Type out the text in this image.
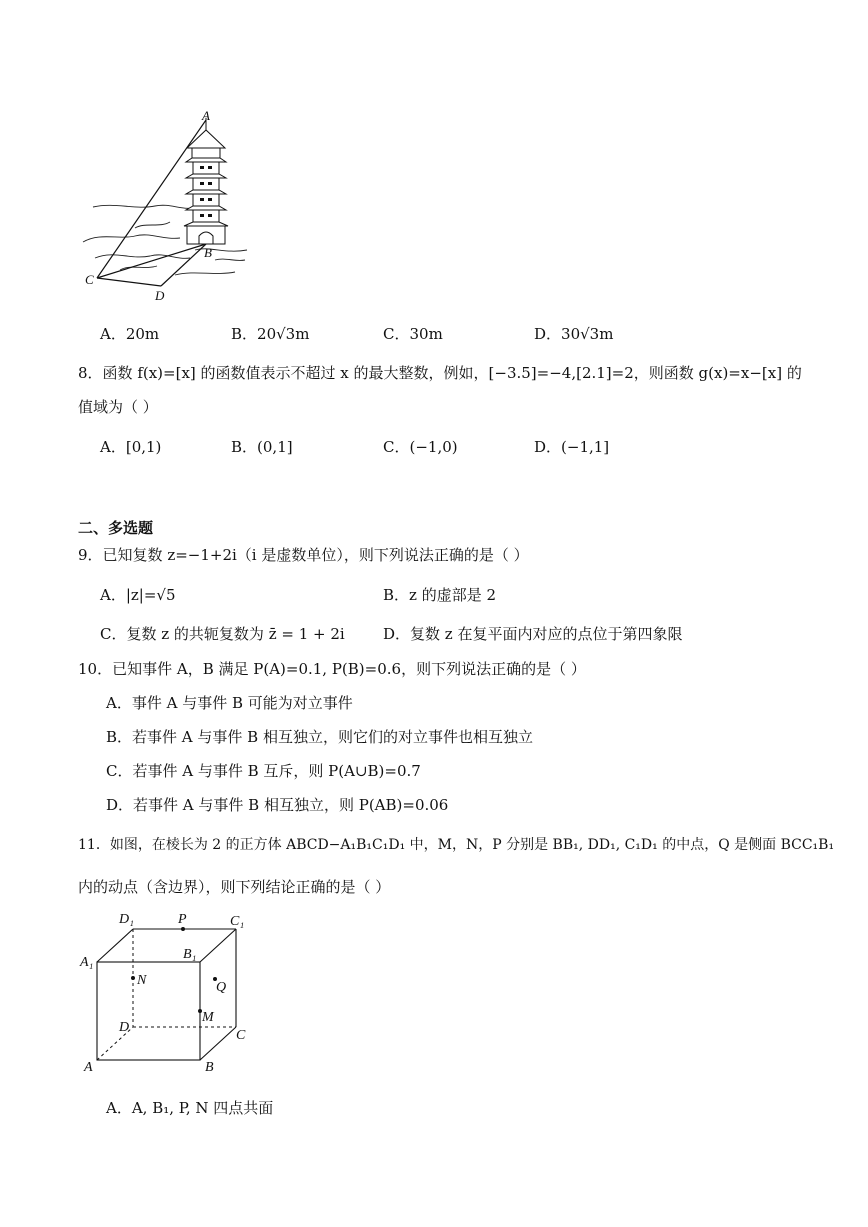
A
B
C
D
A．20m	B．20√3m	C．30m	D．30√3m
8．函数 f(x)=[x] 的函数值表示不超过 x 的最大整数，例如，[−3.5]=−4,[2.1]=2，则函数 g(x)=x−[x] 的
值域为（ ）
A．[0,1)	B．(0,1]	C．(−1,0)	D．(−1,1]
二、多选题
9．已知复数 z=−1+2i（i 是虚数单位），则下列说法正确的是（ ）
A．|z|=√5	B．z 的虚部是 2
C．复数 z 的共轭复数为 z̄ = 1 + 2i	D．复数 z 在复平面内对应的点位于第四象限
10．已知事件 A，B 满足 P(A)=0.1, P(B)=0.6，则下列说法正确的是（ ）
A．事件 A 与事件 B 可能为对立事件
B．若事件 A 与事件 B 相互独立，则它们的对立事件也相互独立
C．若事件 A 与事件 B 互斥，则 P(A∪B)=0.7
D．若事件 A 与事件 B 相互独立，则 P(AB)=0.06
11．如图，在棱长为 2 的正方体 ABCD−A₁B₁C₁D₁ 中，M，N，P 分别是 BB₁, DD₁, C₁D₁ 的中点，Q 是侧面 BCC₁B₁
内的动点（含边界），则下列结论正确的是（ ）
D₁	P	C₁
A₁
B₁
N	Q
M
D
C
A	B
A．A, B₁, P, N 四点共面
